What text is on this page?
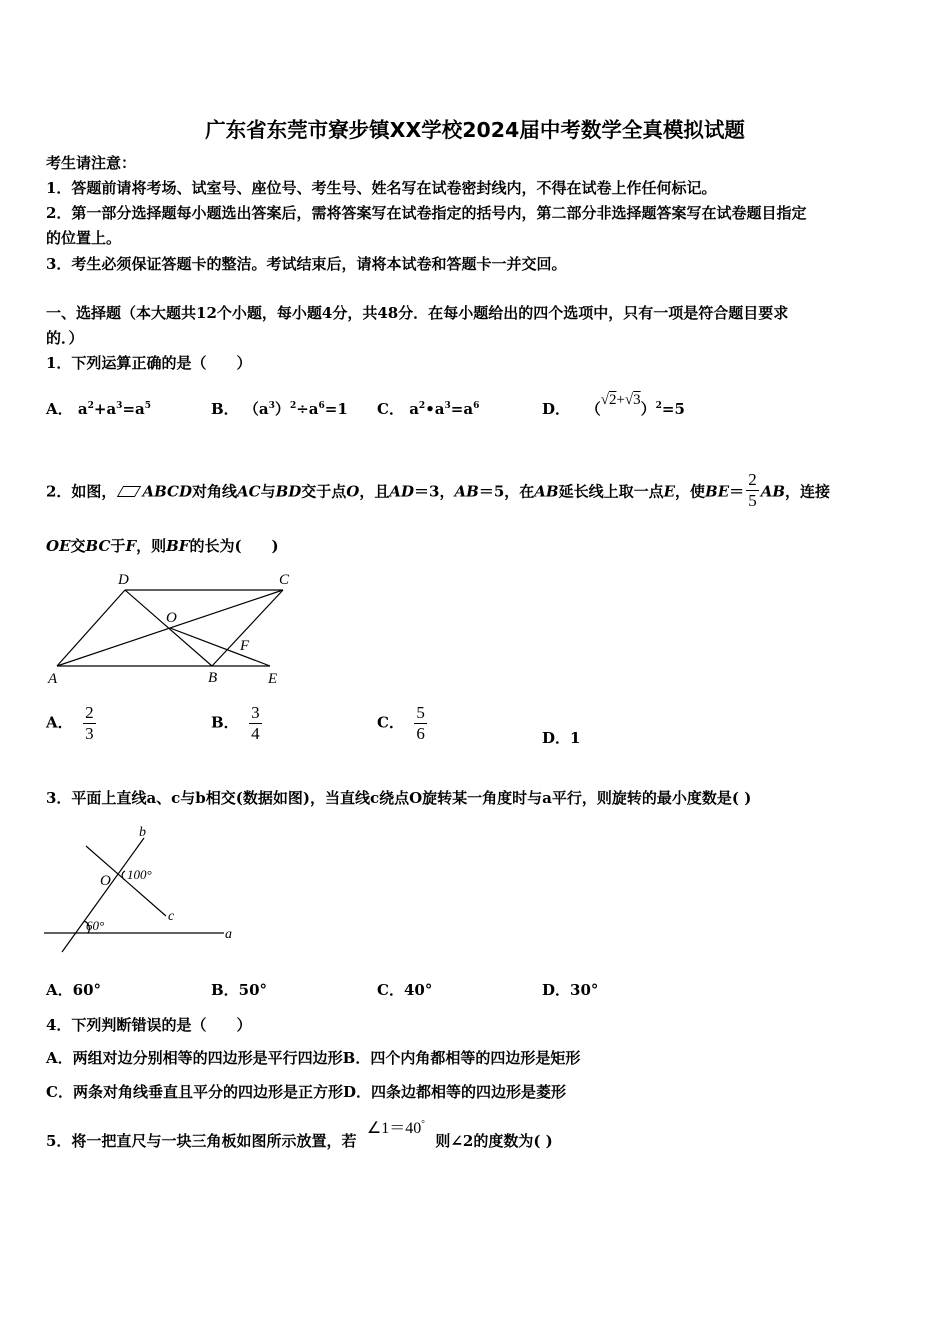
广东省东莞市寮步镇XX学校2024届中考数学全真模拟试题
考生请注意：
1．答题前请将考场、试室号、座位号、考生号、姓名写在试卷密封线内，不得在试卷上作任何标记。
2．第一部分选择题每小题选出答案后，需将答案写在试卷指定的括号内，第二部分非选择题答案写在试卷题目指定
的位置上。
3．考生必须保证答题卡的整洁。考试结束后，请将本试卷和答题卡一并交回。
一、选择题（本大题共12个小题，每小题4分，共48分．在每小题给出的四个选项中，只有一项是符合题目要求
的．）
1．下列运算正确的是（　　）
A． $a^2+a^3=a^5$	B． $(a^3)^2\div a^6=1$ C． $a^2•a^3=a^6$	D． $(√2+√3)^2=5$
2．如图， ABCD对角线AC与BD交于点O，且AD＝3，AB＝5，在AB延长线上取一点E，使$BE= \frac{2}{5}$ AB，连接
OE交BC于F，则BF的长为(　　)
A	B
C
D
E
O
F
A． $\frac{2}{3}$	B． $\frac{3}{4}$	C． $\frac{5}{6}$	D．1
3．平面上直线a、c与b相交(数据如图)，当直线c绕点O旋转某一角度时与a平行，则旋转的最小度数是( )
b
c
a
O 100°
60°
A．60°	B．50°	C．40°	D．30°
4．下列判断错误的是（　　）
A．两组对边分别相等的四边形是平行四边形B．四个内角都相等的四边形是矩形
C．两条对角线垂直且平分的四边形是正方形D．四条边都相等的四边形是菱形
5．将一把直尺与一块三角板如图所示放置，若  ∠1＝40°  则∠2的度数为( )
